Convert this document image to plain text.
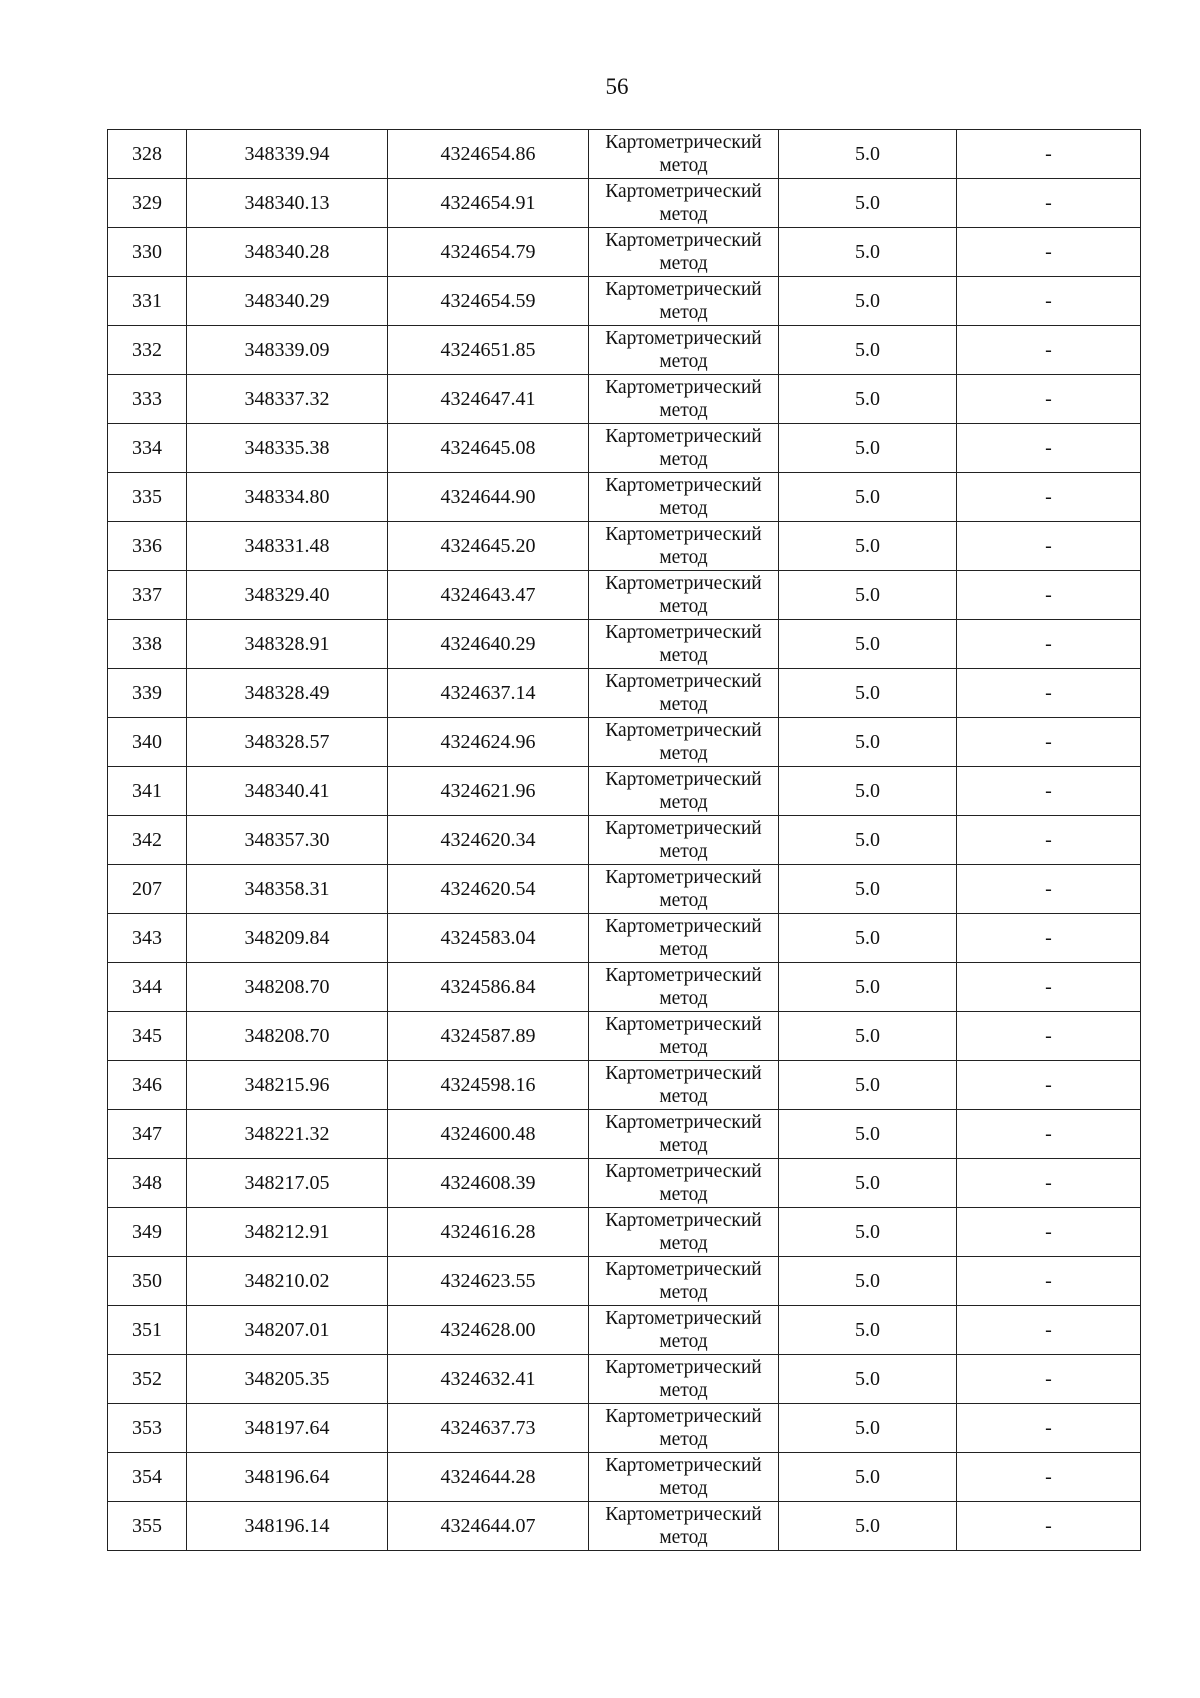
56
328	348339.94	4324654.86	Картометрический метод	5.0	-
329	348340.13	4324654.91	Картометрический метод	5.0	-
330	348340.28	4324654.79	Картометрический метод	5.0	-
331	348340.29	4324654.59	Картометрический метод	5.0	-
332	348339.09	4324651.85	Картометрический метод	5.0	-
333	348337.32	4324647.41	Картометрический метод	5.0	-
334	348335.38	4324645.08	Картометрический метод	5.0	-
335	348334.80	4324644.90	Картометрический метод	5.0	-
336	348331.48	4324645.20	Картометрический метод	5.0	-
337	348329.40	4324643.47	Картометрический метод	5.0	-
338	348328.91	4324640.29	Картометрический метод	5.0	-
339	348328.49	4324637.14	Картометрический метод	5.0	-
340	348328.57	4324624.96	Картометрический метод	5.0	-
341	348340.41	4324621.96	Картометрический метод	5.0	-
342	348357.30	4324620.34	Картометрический метод	5.0	-
207	348358.31	4324620.54	Картометрический метод	5.0	-
343	348209.84	4324583.04	Картометрический метод	5.0	-
344	348208.70	4324586.84	Картометрический метод	5.0	-
345	348208.70	4324587.89	Картометрический метод	5.0	-
346	348215.96	4324598.16	Картометрический метод	5.0	-
347	348221.32	4324600.48	Картометрический метод	5.0	-
348	348217.05	4324608.39	Картометрический метод	5.0	-
349	348212.91	4324616.28	Картометрический метод	5.0	-
350	348210.02	4324623.55	Картометрический метод	5.0	-
351	348207.01	4324628.00	Картометрический метод	5.0	-
352	348205.35	4324632.41	Картометрический метод	5.0	-
353	348197.64	4324637.73	Картометрический метод	5.0	-
354	348196.64	4324644.28	Картометрический метод	5.0	-
355	348196.14	4324644.07	Картометрический метод	5.0	-
